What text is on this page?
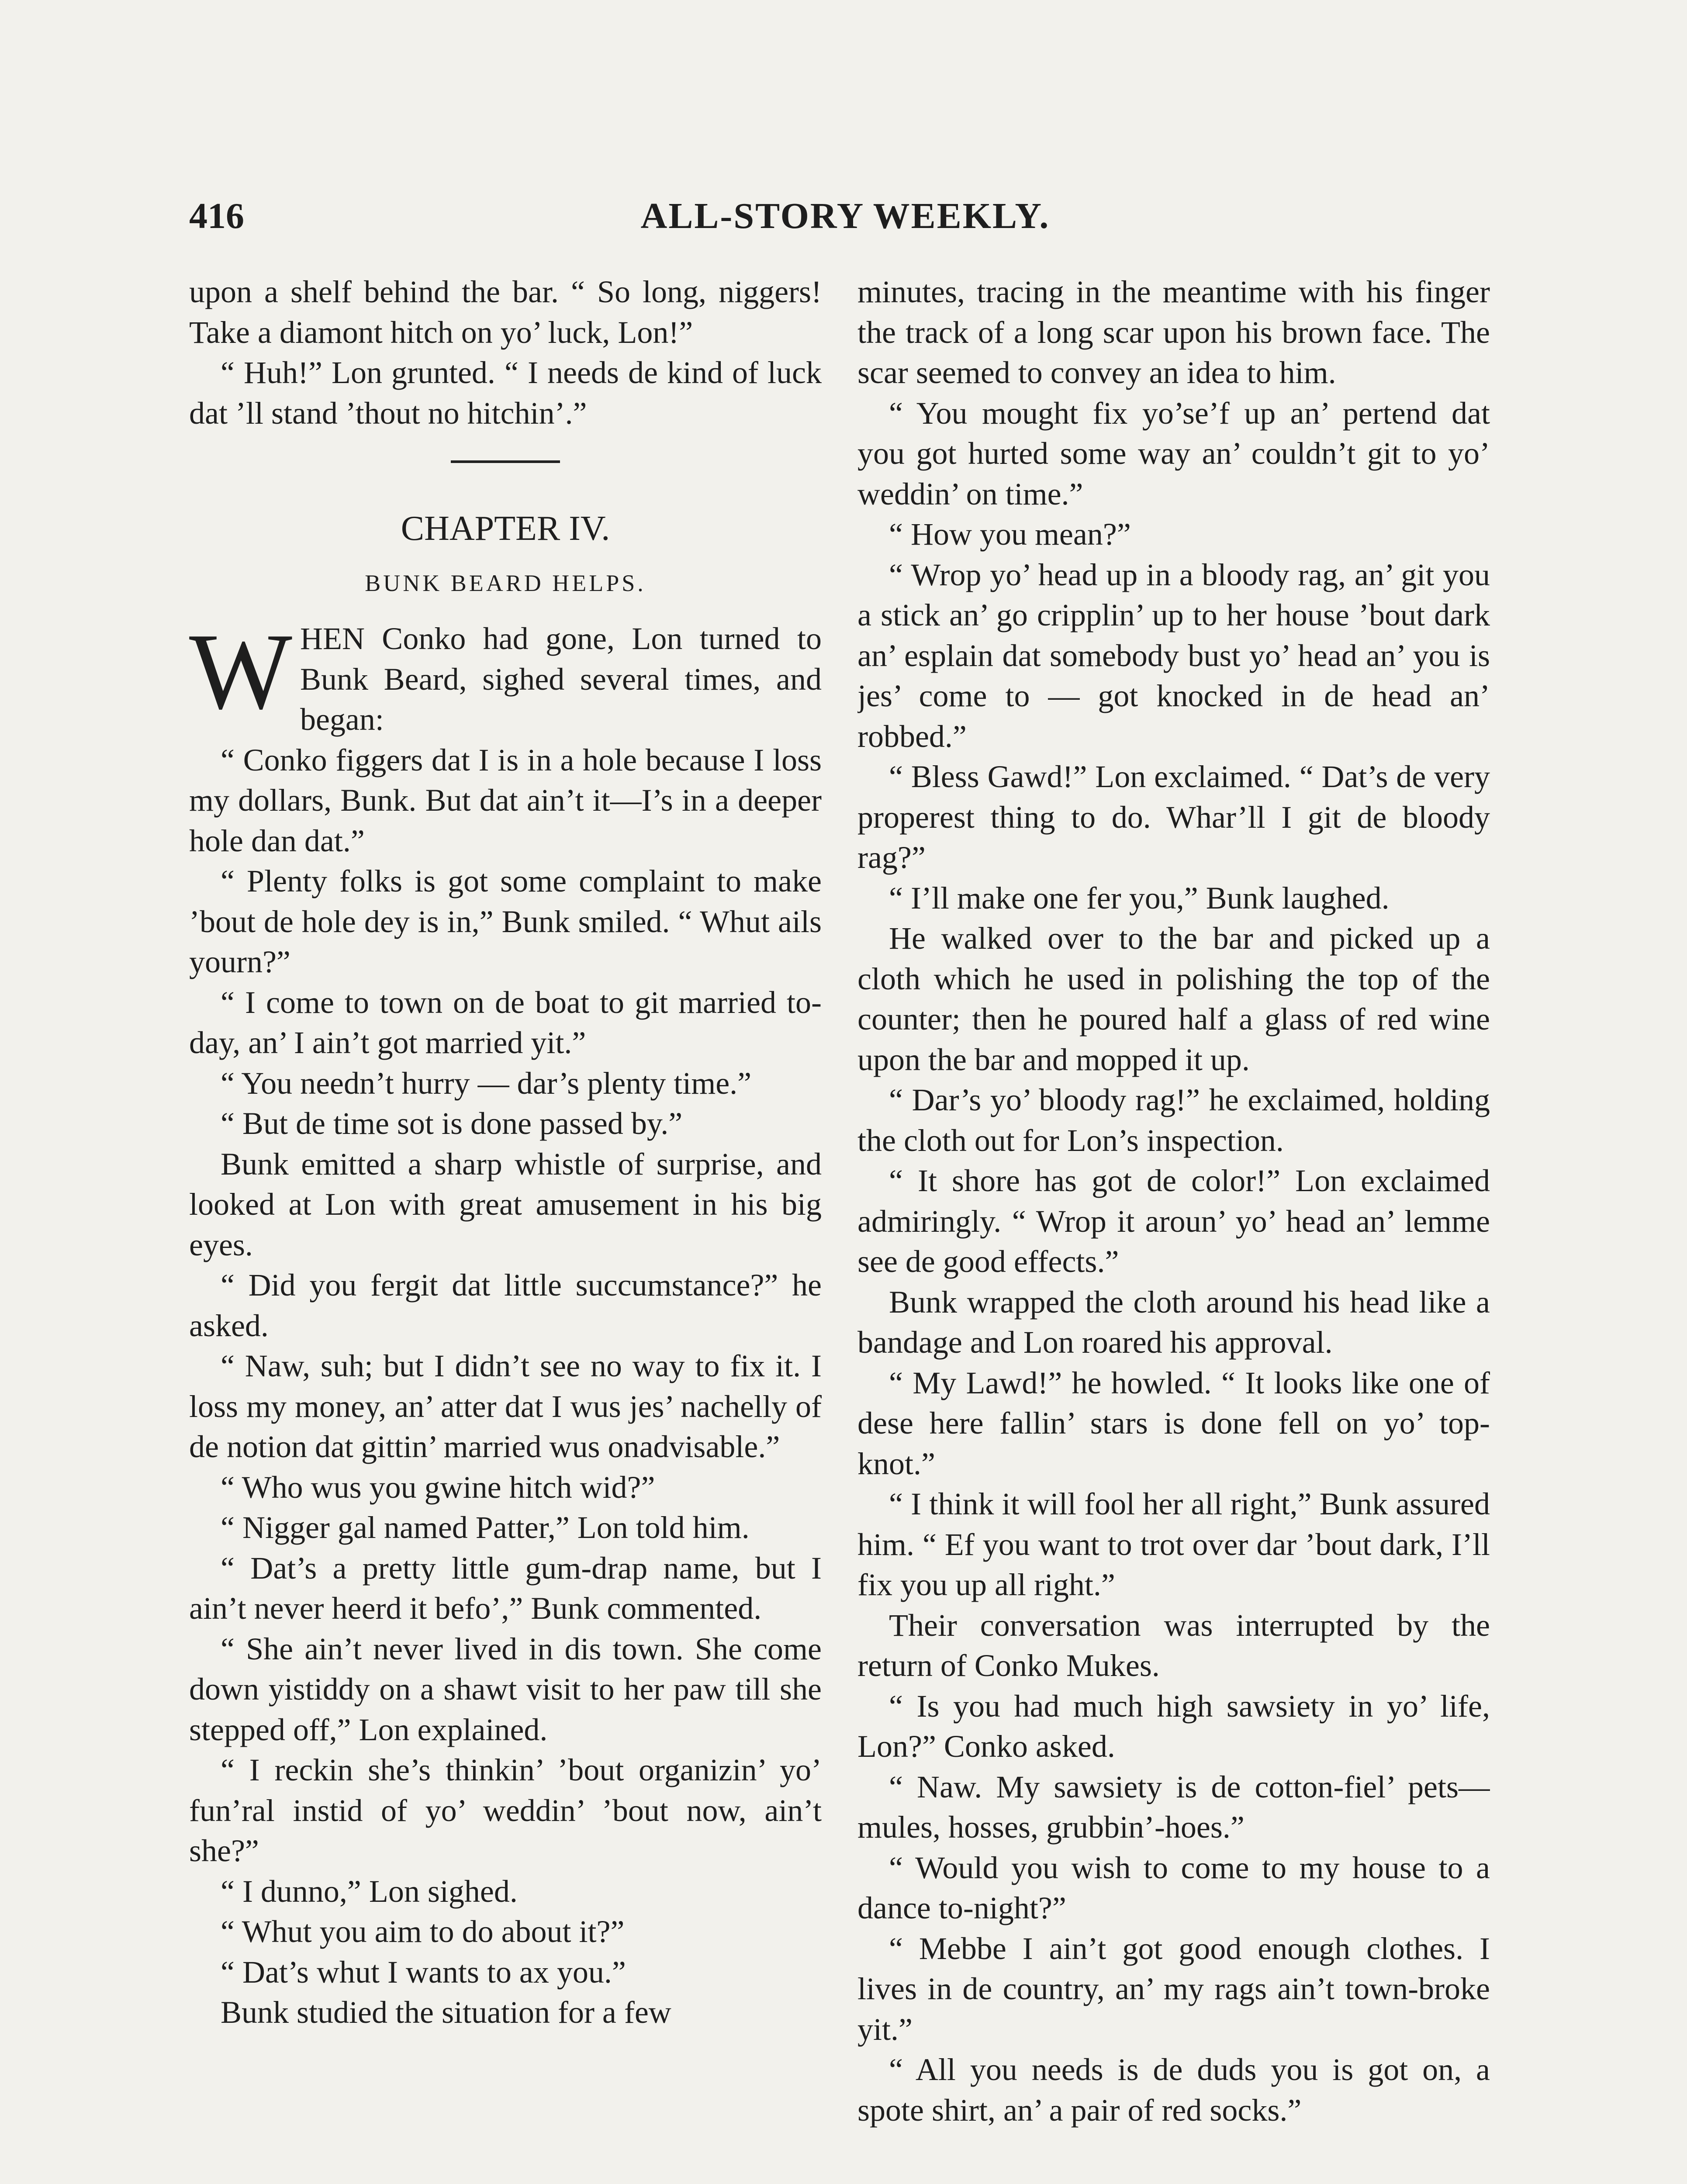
416	ALL-STORY WEEKLY.

upon a shelf behind the bar. “ So long, niggers! Take a diamont hitch on yo’ luck, Lon!”

“ Huh!” Lon grunted. “ I needs de kind of luck dat ’ll stand ’thout no hitchin’.”

CHAPTER IV.
BUNK BEARD HELPS.

WHEN Conko had gone, Lon turned to Bunk Beard, sighed several times, and began:

“ Conko figgers dat I is in a hole because I loss my dollars, Bunk. But dat ain’t it—I’s in a deeper hole dan dat.”

“ Plenty folks is got some complaint to make ’bout de hole dey is in,” Bunk smiled. “ Whut ails yourn?”

“ I come to town on de boat to git married to-day, an’ I ain’t got married yit.”

“ You needn’t hurry — dar’s plenty time.”

“ But de time sot is done passed by.”

Bunk emitted a sharp whistle of surprise, and looked at Lon with great amusement in his big eyes.

“ Did you fergit dat little succumstance?” he asked.

“ Naw, suh; but I didn’t see no way to fix it. I loss my money, an’ atter dat I wus jes’ nachelly of de notion dat gittin’ married wus onadvisable.”

“ Who wus you gwine hitch wid?”

“ Nigger gal named Patter,” Lon told him.

“ Dat’s a pretty little gum-drap name, but I ain’t never heerd it befo’,” Bunk commented.

“ She ain’t never lived in dis town. She come down yistiddy on a shawt visit to her paw till she stepped off,” Lon explained.

“ I reckin she’s thinkin’ ’bout organizin’ yo’ fun’ral instid of yo’ weddin’ ’bout now, ain’t she?”

“ I dunno,” Lon sighed.

“ Whut you aim to do about it?”

“ Dat’s whut I wants to ax you.”

Bunk studied the situation for a few

minutes, tracing in the meantime with his finger the track of a long scar upon his brown face. The scar seemed to convey an idea to him.

“ You mought fix yo’se’f up an’ pertend dat you got hurted some way an’ couldn’t git to yo’ weddin’ on time.”

“ How you mean?”

“ Wrop yo’ head up in a bloody rag, an’ git you a stick an’ go cripplin’ up to her house ’bout dark an’ esplain dat somebody bust yo’ head an’ you is jes’ come to — got knocked in de head an’ robbed.”

“ Bless Gawd!” Lon exclaimed. “ Dat’s de very properest thing to do. Whar’ll I git de bloody rag?”

“ I’ll make one fer you,” Bunk laughed.

He walked over to the bar and picked up a cloth which he used in polishing the top of the counter; then he poured half a glass of red wine upon the bar and mopped it up.

“ Dar’s yo’ bloody rag!” he exclaimed, holding the cloth out for Lon’s inspection.

“ It shore has got de color!” Lon exclaimed admiringly. “ Wrop it aroun’ yo’ head an’ lemme see de good effects.”

Bunk wrapped the cloth around his head like a bandage and Lon roared his approval.

“ My Lawd!” he howled. “ It looks like one of dese here fallin’ stars is done fell on yo’ top-knot.”

“ I think it will fool her all right,” Bunk assured him. “ Ef you want to trot over dar ’bout dark, I’ll fix you up all right.”

Their conversation was interrupted by the return of Conko Mukes.

“ Is you had much high sawsiety in yo’ life, Lon?” Conko asked.

“ Naw. My sawsiety is de cotton-fiel’ pets—mules, hosses, grubbin’-hoes.”

“ Would you wish to come to my house to a dance to-night?”

“ Mebbe I ain’t got good enough clothes. I lives in de country, an’ my rags ain’t town-broke yit.”

“ All you needs is de duds you is got on, a spote shirt, an’ a pair of red socks.”
